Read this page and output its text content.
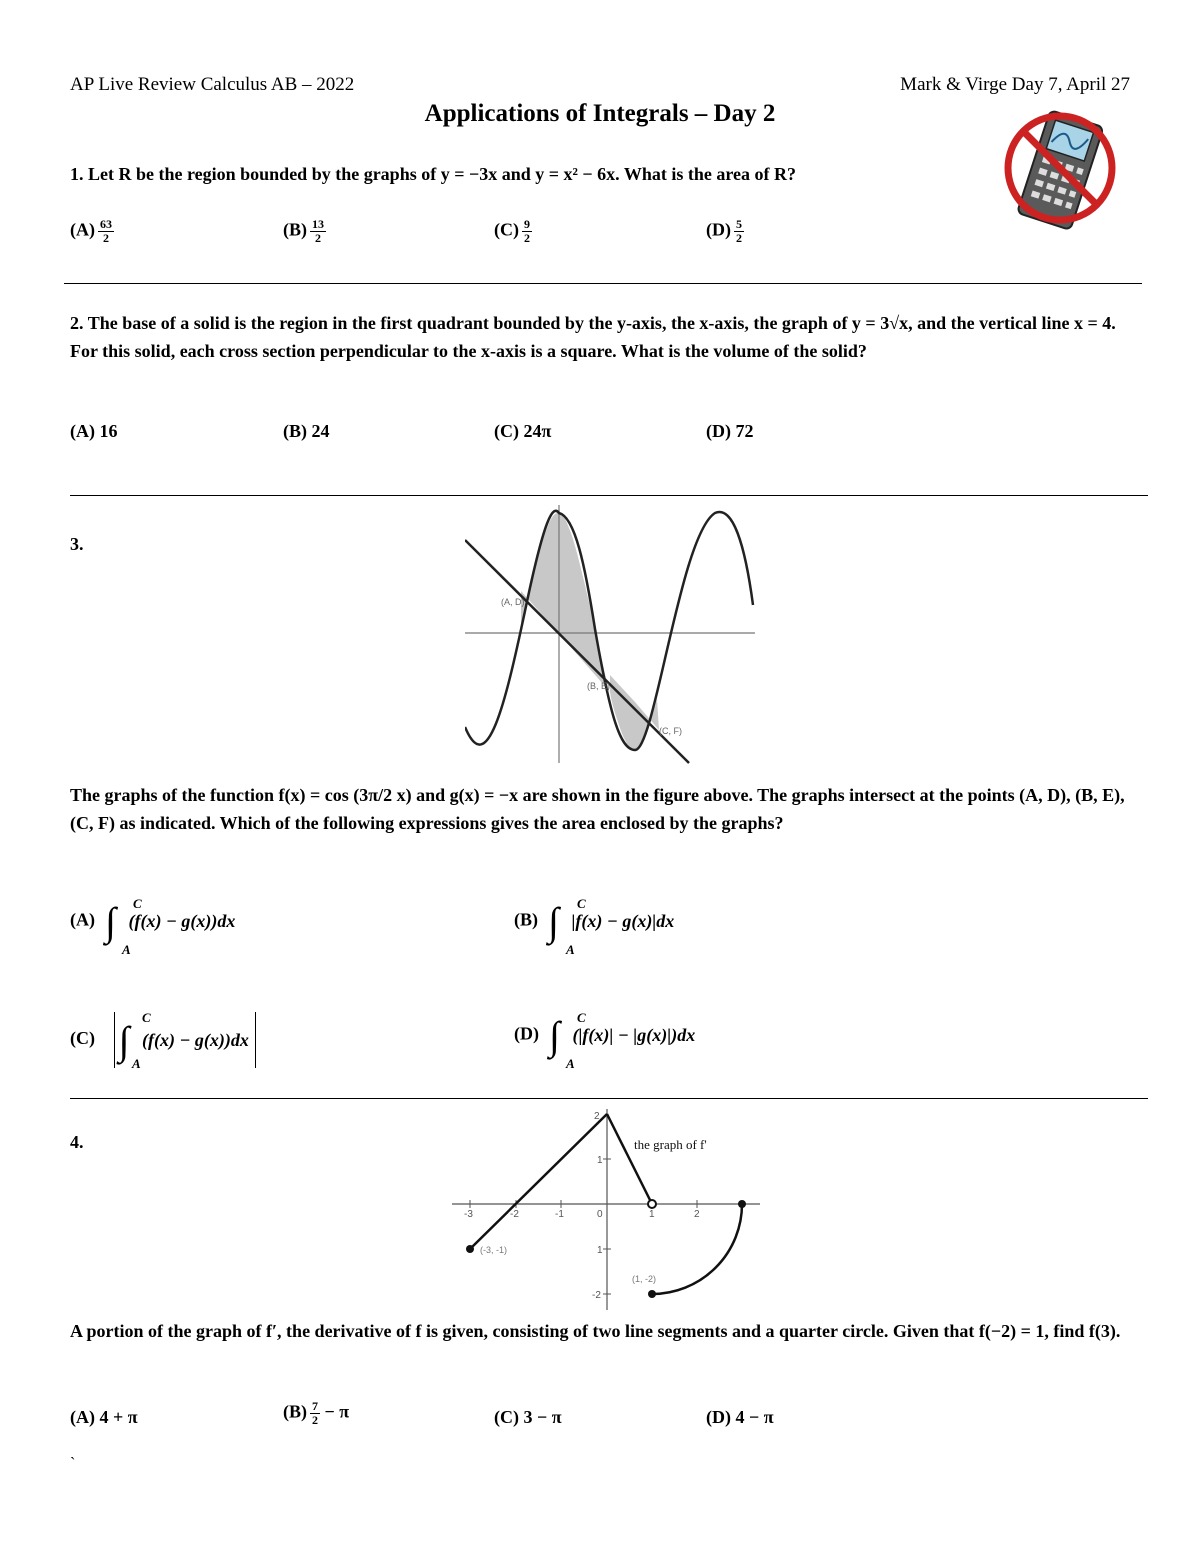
AP Live Review Calculus AB – 2022	Mark & Virge Day 7, April 27
Applications of Integrals – Day 2
1. Let R be the region bounded by the graphs of y = −3x and y = x² − 6x. What is the area of R?
$(A) \frac{63}{2}$	$(B) \frac{13}{2}$	$(C) \frac{9}{2}$	$(D) \frac{5}{2}$
2. The base of a solid is the region in the first quadrant bounded by the y-axis, the x-axis, the graph of y = 3√x, and the vertical line x = 4. For this solid, each cross section perpendicular to the x-axis is a square. What is the volume of the solid?
(A) 16	(B) 24	(C) 24π	(D) 72
3.
(A, D)
(B, E)
(C, F)
The graphs of the function f(x) = cos (3π/2 x) and g(x) = −x are shown in the figure above. The graphs intersect at the points (A, D), (B, E), (C, F) as indicated. Which of the following expressions gives the area enclosed by the graphs?
(A) ∫ C
A
(f(x) − g(x))dx	(B) ∫ C
A
|f(x) − g(x)|dx
(C) ∫ C
A
(f(x) − g(x))dx	(D) ∫ C
A
(|f(x)| − |g(x)|)dx
4.
-3	-2	-1	0	1	2
2
1
1
-2
(-3, -1)
(1, -2)
the graph of f'
A portion of the graph of f′, the derivative of f is given, consisting of two line segments and a quarter circle. Given that f(−2) = 1, find f(3).
(A) 4 + π	$(B) \frac{7}{2} - \pi$	(C) 3 − π	(D) 4 − π
`
